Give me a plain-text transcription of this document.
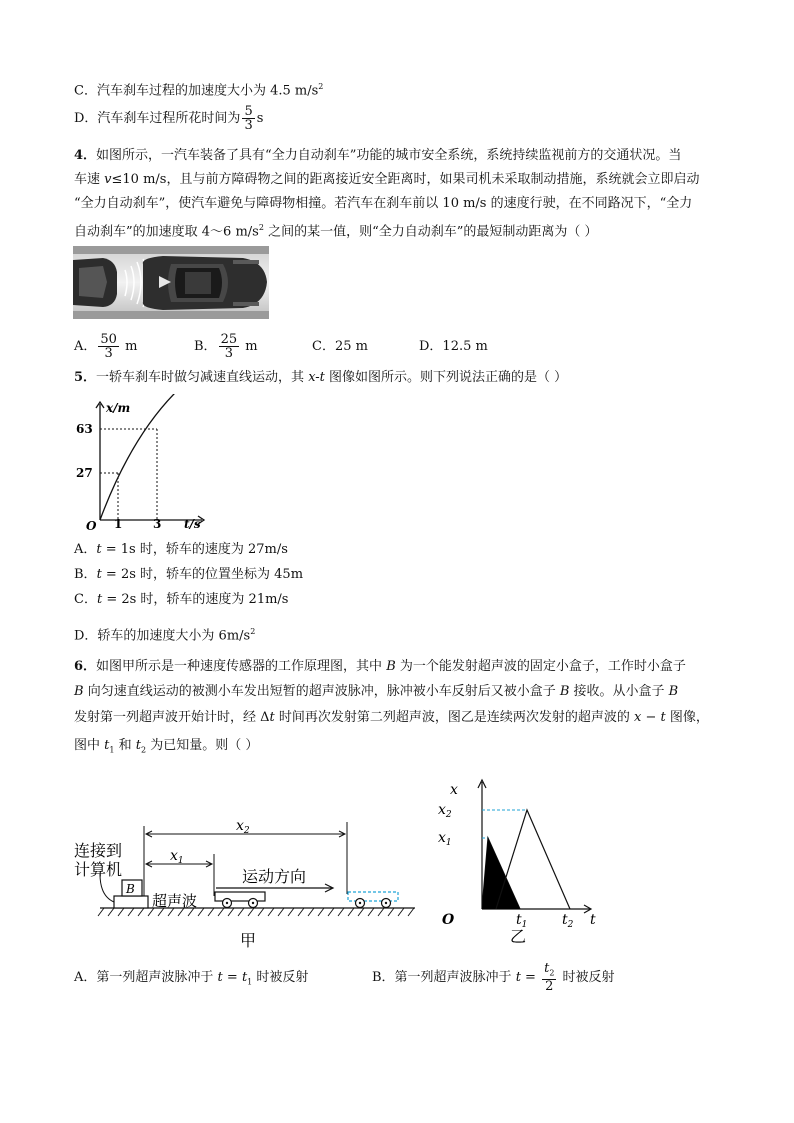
C．汽车刹车过程的加速度大小为 4.5 $m/s^2$
D．汽车刹车过程所花时间为 $\frac{5}{3}$ s
4．如图所示，一汽车装备了具有“全力自动刹车”功能的城市安全系统，系统持续监视前方的交通状况。当
车速 v≤10 m/s，且与前方障碍物之间的距离接近安全距离时，如果司机未采取制动措施，系统就会立即启动
“全力自动刹车”，使汽车避免与障碍物相撞。若汽车在刹车前以 10 m/s 的速度行驶，在不同路况下，“全力
自动刹车”的加速度取 4～6 $m/s^2$ 之间的某一值，则“全力自动刹车”的最短制动距离为（ ）
A． $\frac{50}{3}$ m	B． $\frac{25}{3}$ m	C．25 m	D．12.5 m
5．一轿车刹车时做匀减速直线运动，其 x-t 图像如图所示。则下列说法正确的是（ ）
x/m
63
27
O 1	3 t/s
A．t = 1s 时，轿车的速度为 27m/s
B．t = 2s 时，轿车的位置坐标为 45m
C．t = 2s 时，轿车的速度为 21m/s
D．轿车的加速度大小为 $6m/s^2$
6．如图甲所示是一种速度传感器的工作原理图，其中 B 为一个能发射超声波的固定小盒子，工作时小盒子
B 向匀速直线运动的被测小车发出短暂的超声波脉冲，脉冲被小车反射后又被小盒子 B 接收。从小盒子 B
发射第一列超声波开始计时，经 Δt 时间再次发射第二列超声波，图乙是连续两次发射的超声波的 x − t 图像，
图中 $t_1$ 和 $t_2$ 为已知量。则（ ）
B
连接到
计算机
超声波
$x_2$
$x_1$
运动方向
甲
x
$x_2$
$x_1$
O	$t_1$ $t_2$ t
乙
A．第一列超声波脉冲于 $t = t_1$ 时被反射	B．第一列超声波脉冲于 $t = \frac{t_2}{2}$ 时被反射
